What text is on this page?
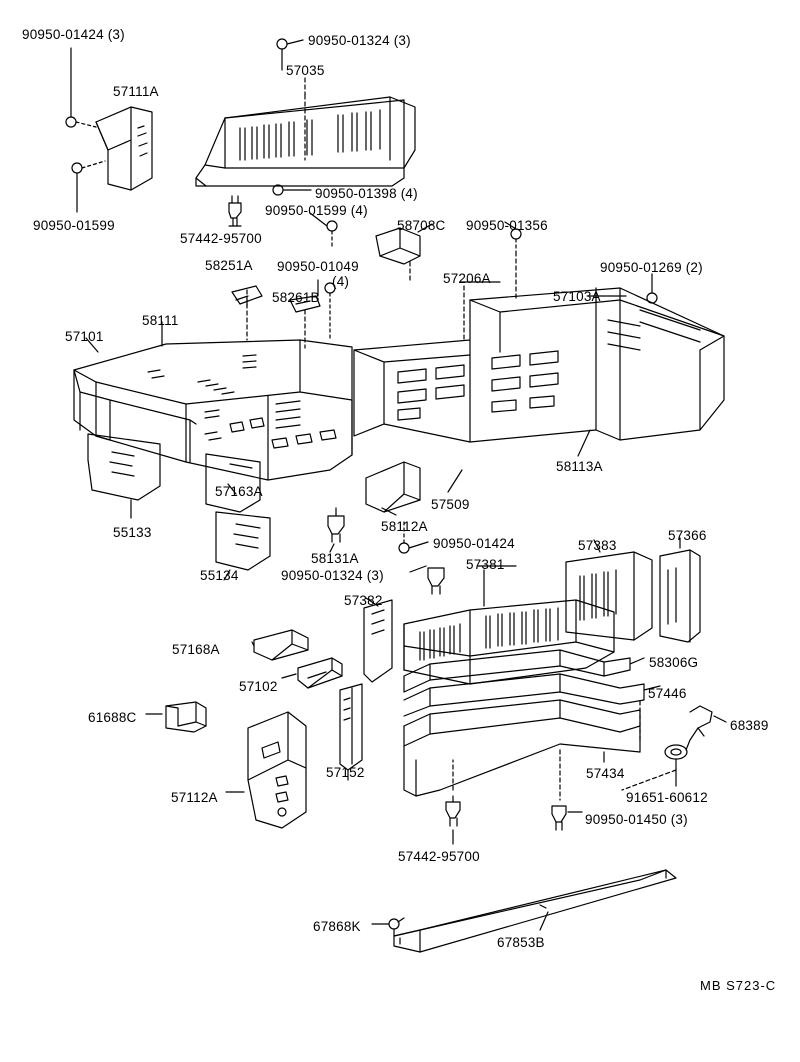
90950-01424 (3)	90950-01324 (3)
57111A
57035
90950-01398 (4)
90950-01599
90950-01599 (4)
58708C 90950-01356
57442-95700
58251A 90950-01049
(4)	57206A
90950-01269 (2)
58261B	57103A
58111
57101
58113A
57163A
57509
58112A
55133
57383
57366
90950-01424
58131A
55134
57381
90950-01324 (3)
57382
58306G
57168A
57446
57102
61688C
68389
57152	57434
91651-60612
57112A
90950-01450 (3)
57442-95700
67868K
67853B
MB S723-C
